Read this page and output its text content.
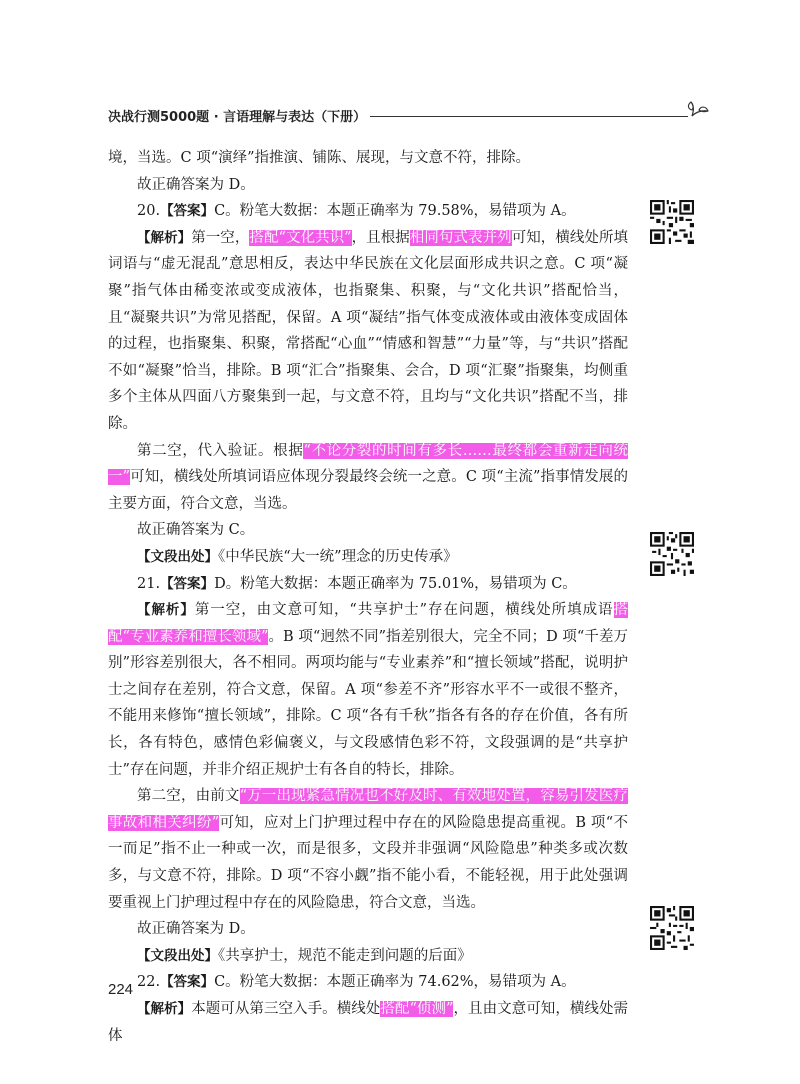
决战行测5000题 · 言语理解与表达（下册）

境，当选。C 项“演绎”指推演、铺陈、展现，与文意不符，排除。

故正确答案为 D。

20.【答案】C。粉笔大数据：本题正确率为 79.58%，易错项为 A。

【解析】第一空，搭配“文化共识”，且根据相同句式表并列可知，横线处所填词语与“虚无混乱”意思相反，表达中华民族在文化层面形成共识之意。C 项“凝聚”指气体由稀变浓或变成液体，也指聚集、积聚，与“文化共识”搭配恰当，且“凝聚共识”为常见搭配，保留。A 项“凝结”指气体变成液体或由液体变成固体的过程，也指聚集、积聚，常搭配“心血”“情感和智慧”“力量”等，与“共识”搭配不如“凝聚”恰当，排除。B 项“汇合”指聚集、会合，D 项“汇聚”指聚集，均侧重多个主体从四面八方聚集到一起，与文意不符，且均与“文化共识”搭配不当，排除。

第二空，代入验证。根据“不论分裂的时间有多长……最终都会重新走向统一”可知，横线处所填词语应体现分裂最终会统一之意。C 项“主流”指事情发展的主要方面，符合文意，当选。

故正确答案为 C。

【文段出处】《中华民族“大一统”理念的历史传承》

21.【答案】D。粉笔大数据：本题正确率为 75.01%，易错项为 C。

【解析】第一空，由文意可知，“共享护士”存在问题，横线处所填成语搭配“专业素养和擅长领域”。B 项“迥然不同”指差别很大，完全不同；D 项“千差万别”形容差别很大，各不相同。两项均能与“专业素养”和“擅长领域”搭配，说明护士之间存在差别，符合文意，保留。A 项“参差不齐”形容水平不一或很不整齐，不能用来修饰“擅长领域”，排除。C 项“各有千秋”指各有各的存在价值，各有所长，各有特色，感情色彩偏褒义，与文段感情色彩不符，文段强调的是“共享护士”存在问题，并非介绍正规护士有各自的特长，排除。

第二空，由前文“万一出现紧急情况也不好及时、有效地处置，容易引发医疗事故和相关纠纷”可知，应对上门护理过程中存在的风险隐患提高重视。B 项“不一而足”指不止一种或一次，而是很多，文段并非强调“风险隐患”种类多或次数多，与文意不符，排除。D 项“不容小觑”指不能小看，不能轻视，用于此处强调要重视上门护理过程中存在的风险隐患，符合文意，当选。

故正确答案为 D。

【文段出处】《共享护士，规范不能走到问题的后面》

22.【答案】C。粉笔大数据：本题正确率为 74.62%，易错项为 A。

【解析】本题可从第三空入手。横线处搭配“侦测”，且由文意可知，横线处需体

224
